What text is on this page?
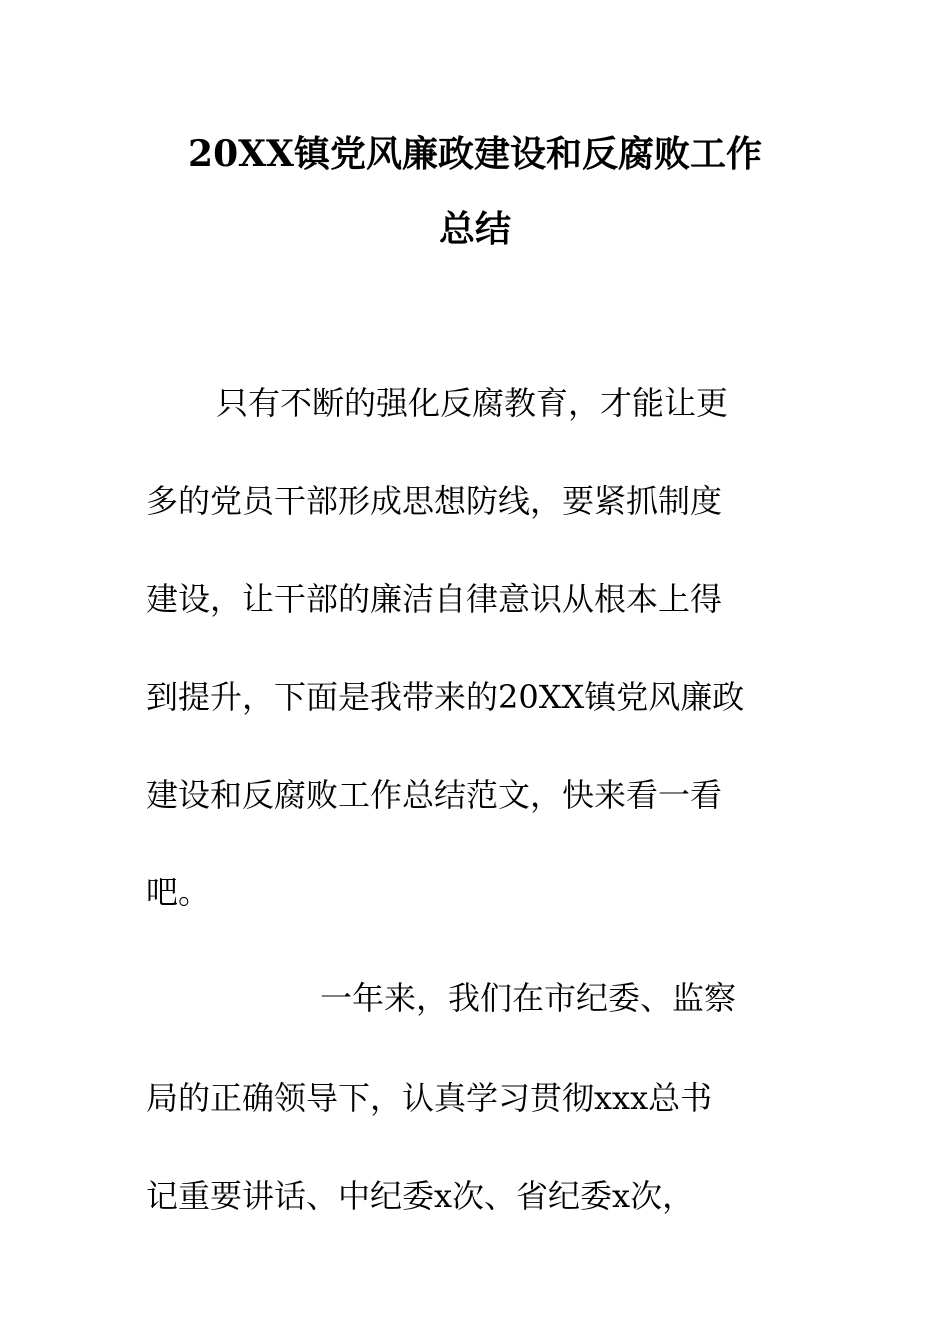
20XX镇党风廉政建设和反腐败工作
总结
只有不断的强化反腐教育，才能让更
多的党员干部形成思想防线，要紧抓制度
建设，让干部的廉洁自律意识从根本上得
到提升，下面是我带来的20XX镇党风廉政
建设和反腐败工作总结范文，快来看一看
吧。
一年来，我们在市纪委、监察
局的正确领导下，认真学习贯彻xxx总书
记重要讲话、中纪委x次、省纪委x次，
